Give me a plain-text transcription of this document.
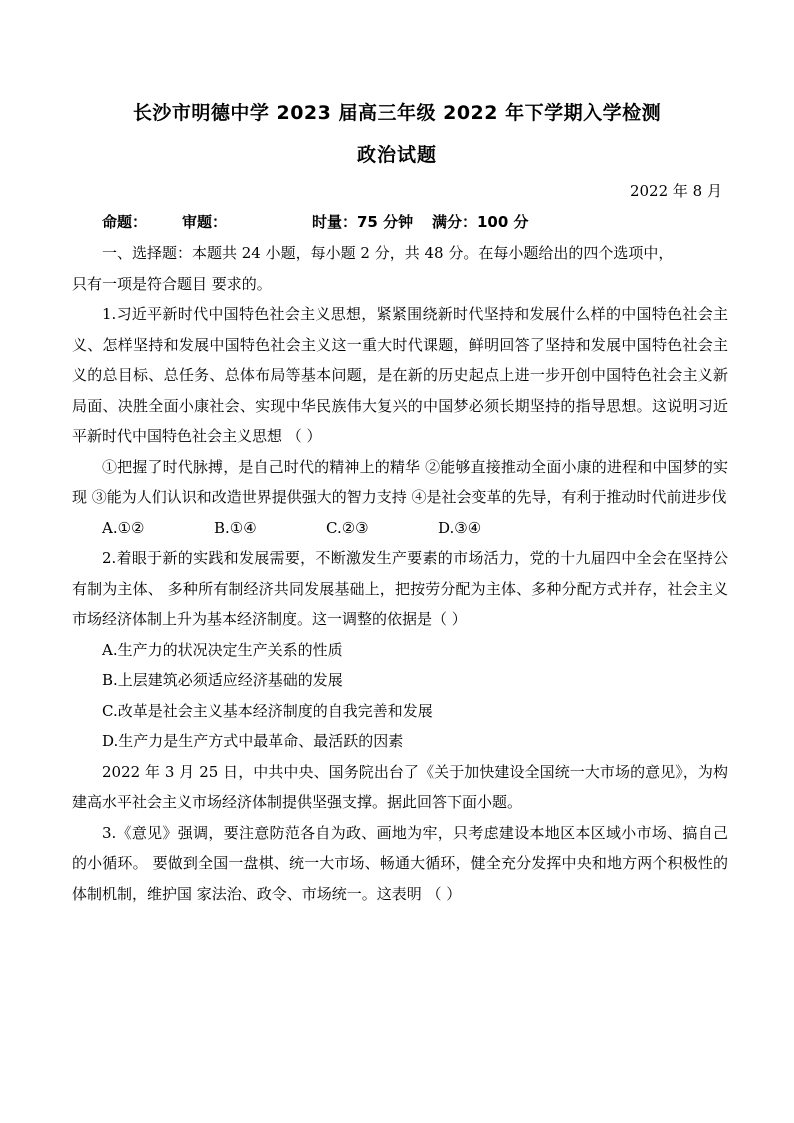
长沙市明德中学 2023 届高三年级 2022 年下学期入学检测
政治试题
2022 年 8 月
命题： 审题：	时量：75 分钟 满分：100 分

一、选择题：本题共 24 小题，每小题 2 分，共 48 分。在每小题给出的四个选项中，

只有一项是符合题目 要求的。

1.习近平新时代中国特色社会主义思想，紧紧围绕新时代坚持和发展什么样的中国特色社会主义、怎样坚持和发展中国特色社会主义这一重大时代课题，鲜明回答了坚持和发展中国特色社会主义的总目标、总任务、总体布局等基本问题，是在新的历史起点上进一步开创中国特色社会主义新局面、决胜全面小康社会、实现中华民族伟大复兴的中国梦必须长期坚持的指导思想。这说明习近平新时代中国特色社会主义思想 （ ）

①把握了时代脉搏，是自己时代的精神上的精华 ②能够直接推动全面小康的进程和中国梦的实现 ③能为人们认识和改造世界提供强大的智力支持 ④是社会变革的先导，有利于推动时代前进步伐

A.①②	B.①④	C.②③	D.③④

2.着眼于新的实践和发展需要，不断激发生产要素的市场活力，党的十九届四中全会在坚持公有制为主体、 多种所有制经济共同发展基础上，把按劳分配为主体、多种分配方式并存，社会主义市场经济体制上升为基本经济制度。这一调整的依据是（ ）

A.生产力的状况决定生产关系的性质

B.上层建筑必须适应经济基础的发展

C.改革是社会主义基本经济制度的自我完善和发展

D.生产力是生产方式中最革命、最活跃的因素

2022 年 3 月 25 日，中共中央、国务院出台了《关于加快建设全国统一大市场的意见》，为构建高水平社会主义市场经济体制提供坚强支撑。据此回答下面小题。

3.《意见》强调，要注意防范各自为政、画地为牢，只考虑建设本地区本区域小市场、搞自己的小循环。 要做到全国一盘棋、统一大市场、畅通大循环，健全充分发挥中央和地方两个积极性的体制机制，维护国 家法治、政令、市场统一。这表明 （ ）
